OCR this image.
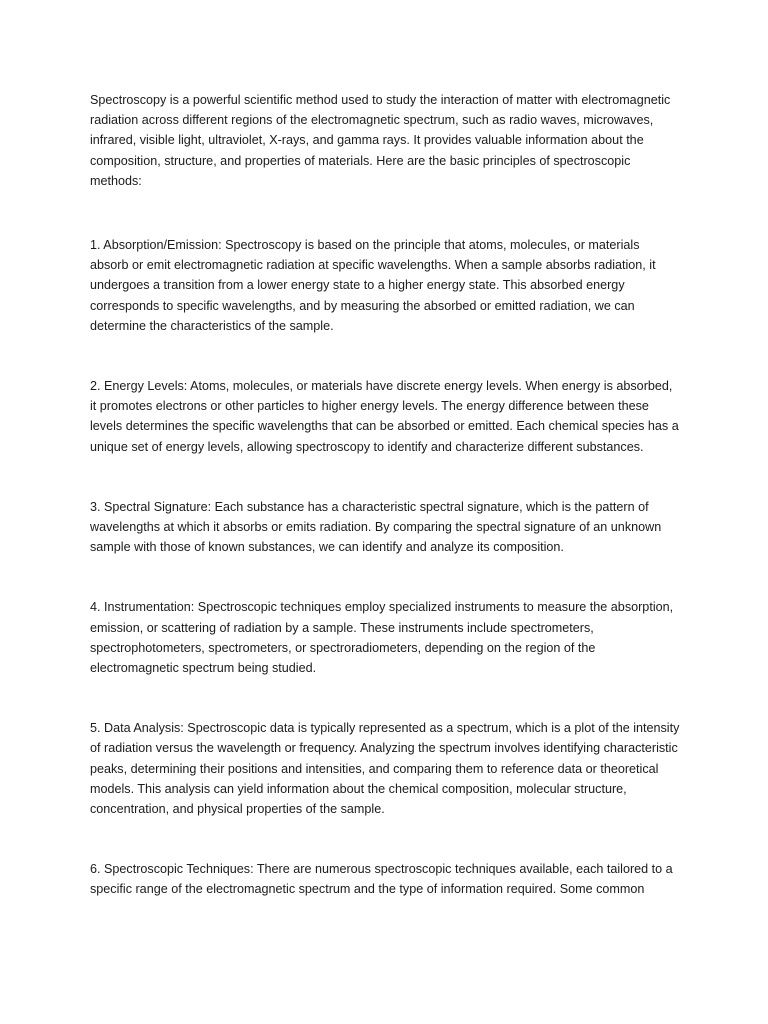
Spectroscopy is a powerful scientific method used to study the interaction of matter with electromagnetic radiation across different regions of the electromagnetic spectrum, such as radio waves, microwaves, infrared, visible light, ultraviolet, X-rays, and gamma rays. It provides valuable information about the composition, structure, and properties of materials. Here are the basic principles of spectroscopic methods:

1. Absorption/Emission: Spectroscopy is based on the principle that atoms, molecules, or materials absorb or emit electromagnetic radiation at specific wavelengths. When a sample absorbs radiation, it undergoes a transition from a lower energy state to a higher energy state. This absorbed energy corresponds to specific wavelengths, and by measuring the absorbed or emitted radiation, we can determine the characteristics of the sample.

2. Energy Levels: Atoms, molecules, or materials have discrete energy levels. When energy is absorbed, it promotes electrons or other particles to higher energy levels. The energy difference between these levels determines the specific wavelengths that can be absorbed or emitted. Each chemical species has a unique set of energy levels, allowing spectroscopy to identify and characterize different substances.

3. Spectral Signature: Each substance has a characteristic spectral signature, which is the pattern of wavelengths at which it absorbs or emits radiation. By comparing the spectral signature of an unknown sample with those of known substances, we can identify and analyze its composition.

4. Instrumentation: Spectroscopic techniques employ specialized instruments to measure the absorption, emission, or scattering of radiation by a sample. These instruments include spectrometers, spectrophotometers, spectrometers, or spectroradiometers, depending on the region of the electromagnetic spectrum being studied.

5. Data Analysis: Spectroscopic data is typically represented as a spectrum, which is a plot of the intensity of radiation versus the wavelength or frequency. Analyzing the spectrum involves identifying characteristic peaks, determining their positions and intensities, and comparing them to reference data or theoretical models. This analysis can yield information about the chemical composition, molecular structure, concentration, and physical properties of the sample.

6. Spectroscopic Techniques: There are numerous spectroscopic techniques available, each tailored to a specific range of the electromagnetic spectrum and the type of information required. Some common
